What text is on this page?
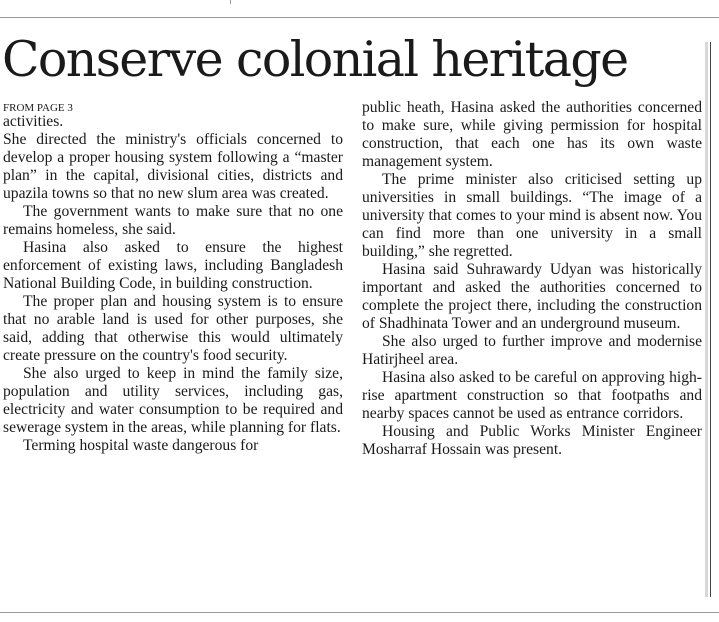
Conserve colonial heritage
FROM PAGE 3

activities.

She directed the ministry's officials concerned to develop a proper housing system following a “master plan” in the capital, divisional cities, districts and upazila towns so that no new slum area was created.

The government wants to make sure that no one remains homeless, she said.

Hasina also asked to ensure the highest enforcement of existing laws, including Bangladesh National Building Code, in building construction.

The proper plan and housing system is to ensure that no arable land is used for other purposes, she said, adding that otherwise this would ultimately create pressure on the country's food security.

She also urged to keep in mind the family size, population and utility services, including gas, electricity and water consumption to be required and sewerage system in the areas, while planning for flats.

Terming hospital waste dangerous for

public heath, Hasina asked the authorities concerned to make sure, while giving permission for hospital construction, that each one has its own waste management system.

The prime minister also criticised setting up universities in small buildings. “The image of a university that comes to your mind is absent now. You can find more than one university in a small building,” she regretted.

Hasina said Suhrawardy Udyan was historically important and asked the authorities concerned to complete the project there, including the construction of Shadhinata Tower and an underground museum.

She also urged to further improve and modernise Hatirjheel area.

Hasina also asked to be careful on approving high-rise apartment construction so that footpaths and nearby spaces cannot be used as entrance corridors.

Housing and Public Works Minister Engineer Mosharraf Hossain was present.
